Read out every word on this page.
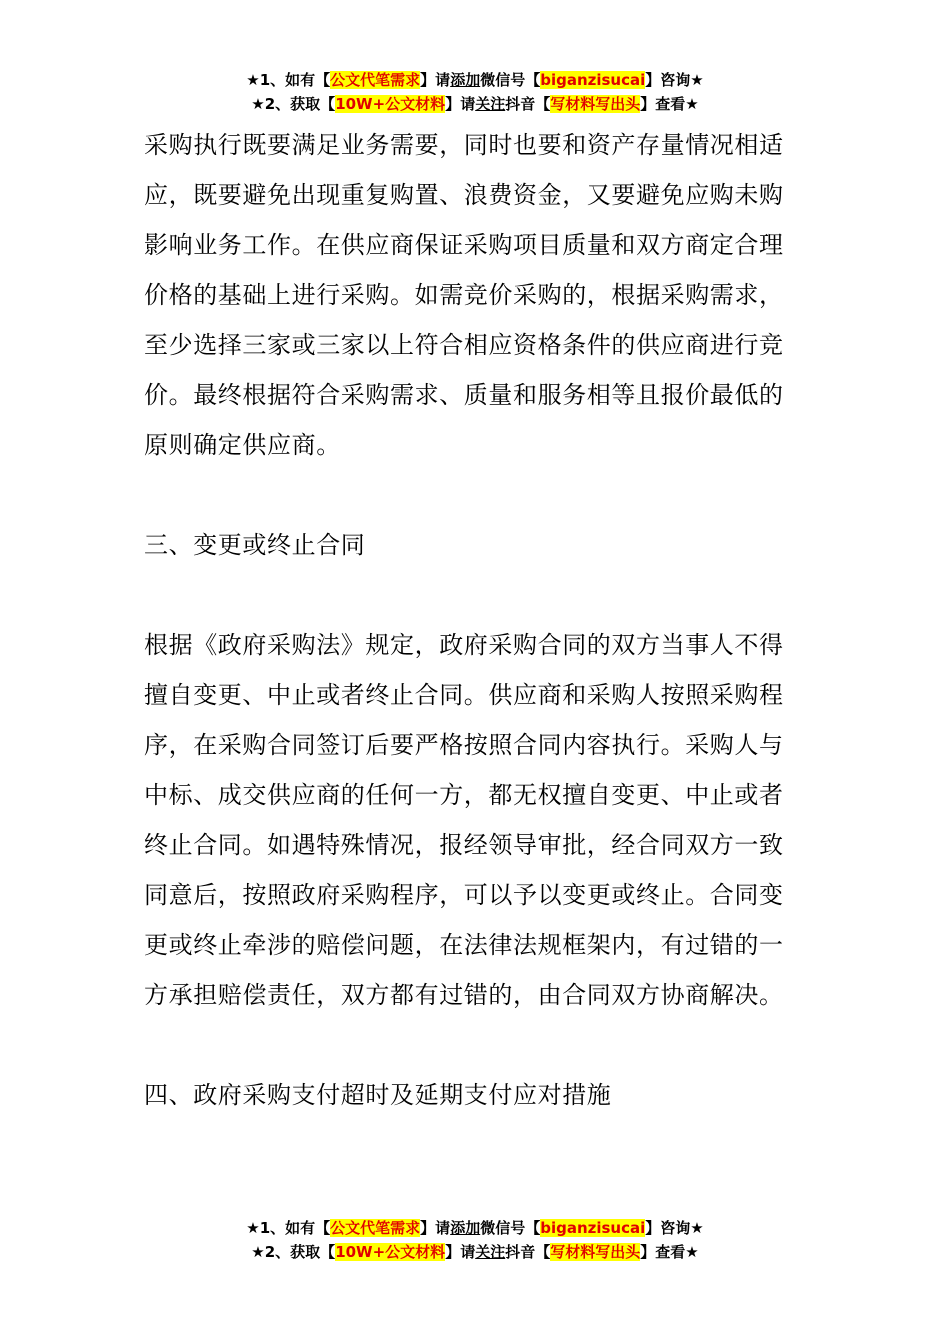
★1、如有【公文代笔需求】请添加微信号【biganzisucai】咨询★
★2、获取【10W+公文材料】请关注抖音【写材料写出头】查看★

采购执行既要满足业务需要，同时也要和资产存量情况相适应，既要避免出现重复购置、浪费资金，又要避免应购未购影响业务工作。在供应商保证采购项目质量和双方商定合理价格的基础上进行采购。如需竞价采购的，根据采购需求，至少选择三家或三家以上符合相应资格条件的供应商进行竞价。最终根据符合采购需求、质量和服务相等且报价最低的原则确定供应商。

三、变更或终止合同

根据《政府采购法》规定，政府采购合同的双方当事人不得擅自变更、中止或者终止合同。供应商和采购人按照采购程序，在采购合同签订后要严格按照合同内容执行。采购人与中标、成交供应商的任何一方，都无权擅自变更、中止或者终止合同。如遇特殊情况，报经领导审批，经合同双方一致同意后，按照政府采购程序，可以予以变更或终止。合同变更或终止牵涉的赔偿问题，在法律法规框架内，有过错的一方承担赔偿责任，双方都有过错的，由合同双方协商解决。

四、政府采购支付超时及延期支付应对措施

★1、如有【公文代笔需求】请添加微信号【biganzisucai】咨询★
★2、获取【10W+公文材料】请关注抖音【写材料写出头】查看★
